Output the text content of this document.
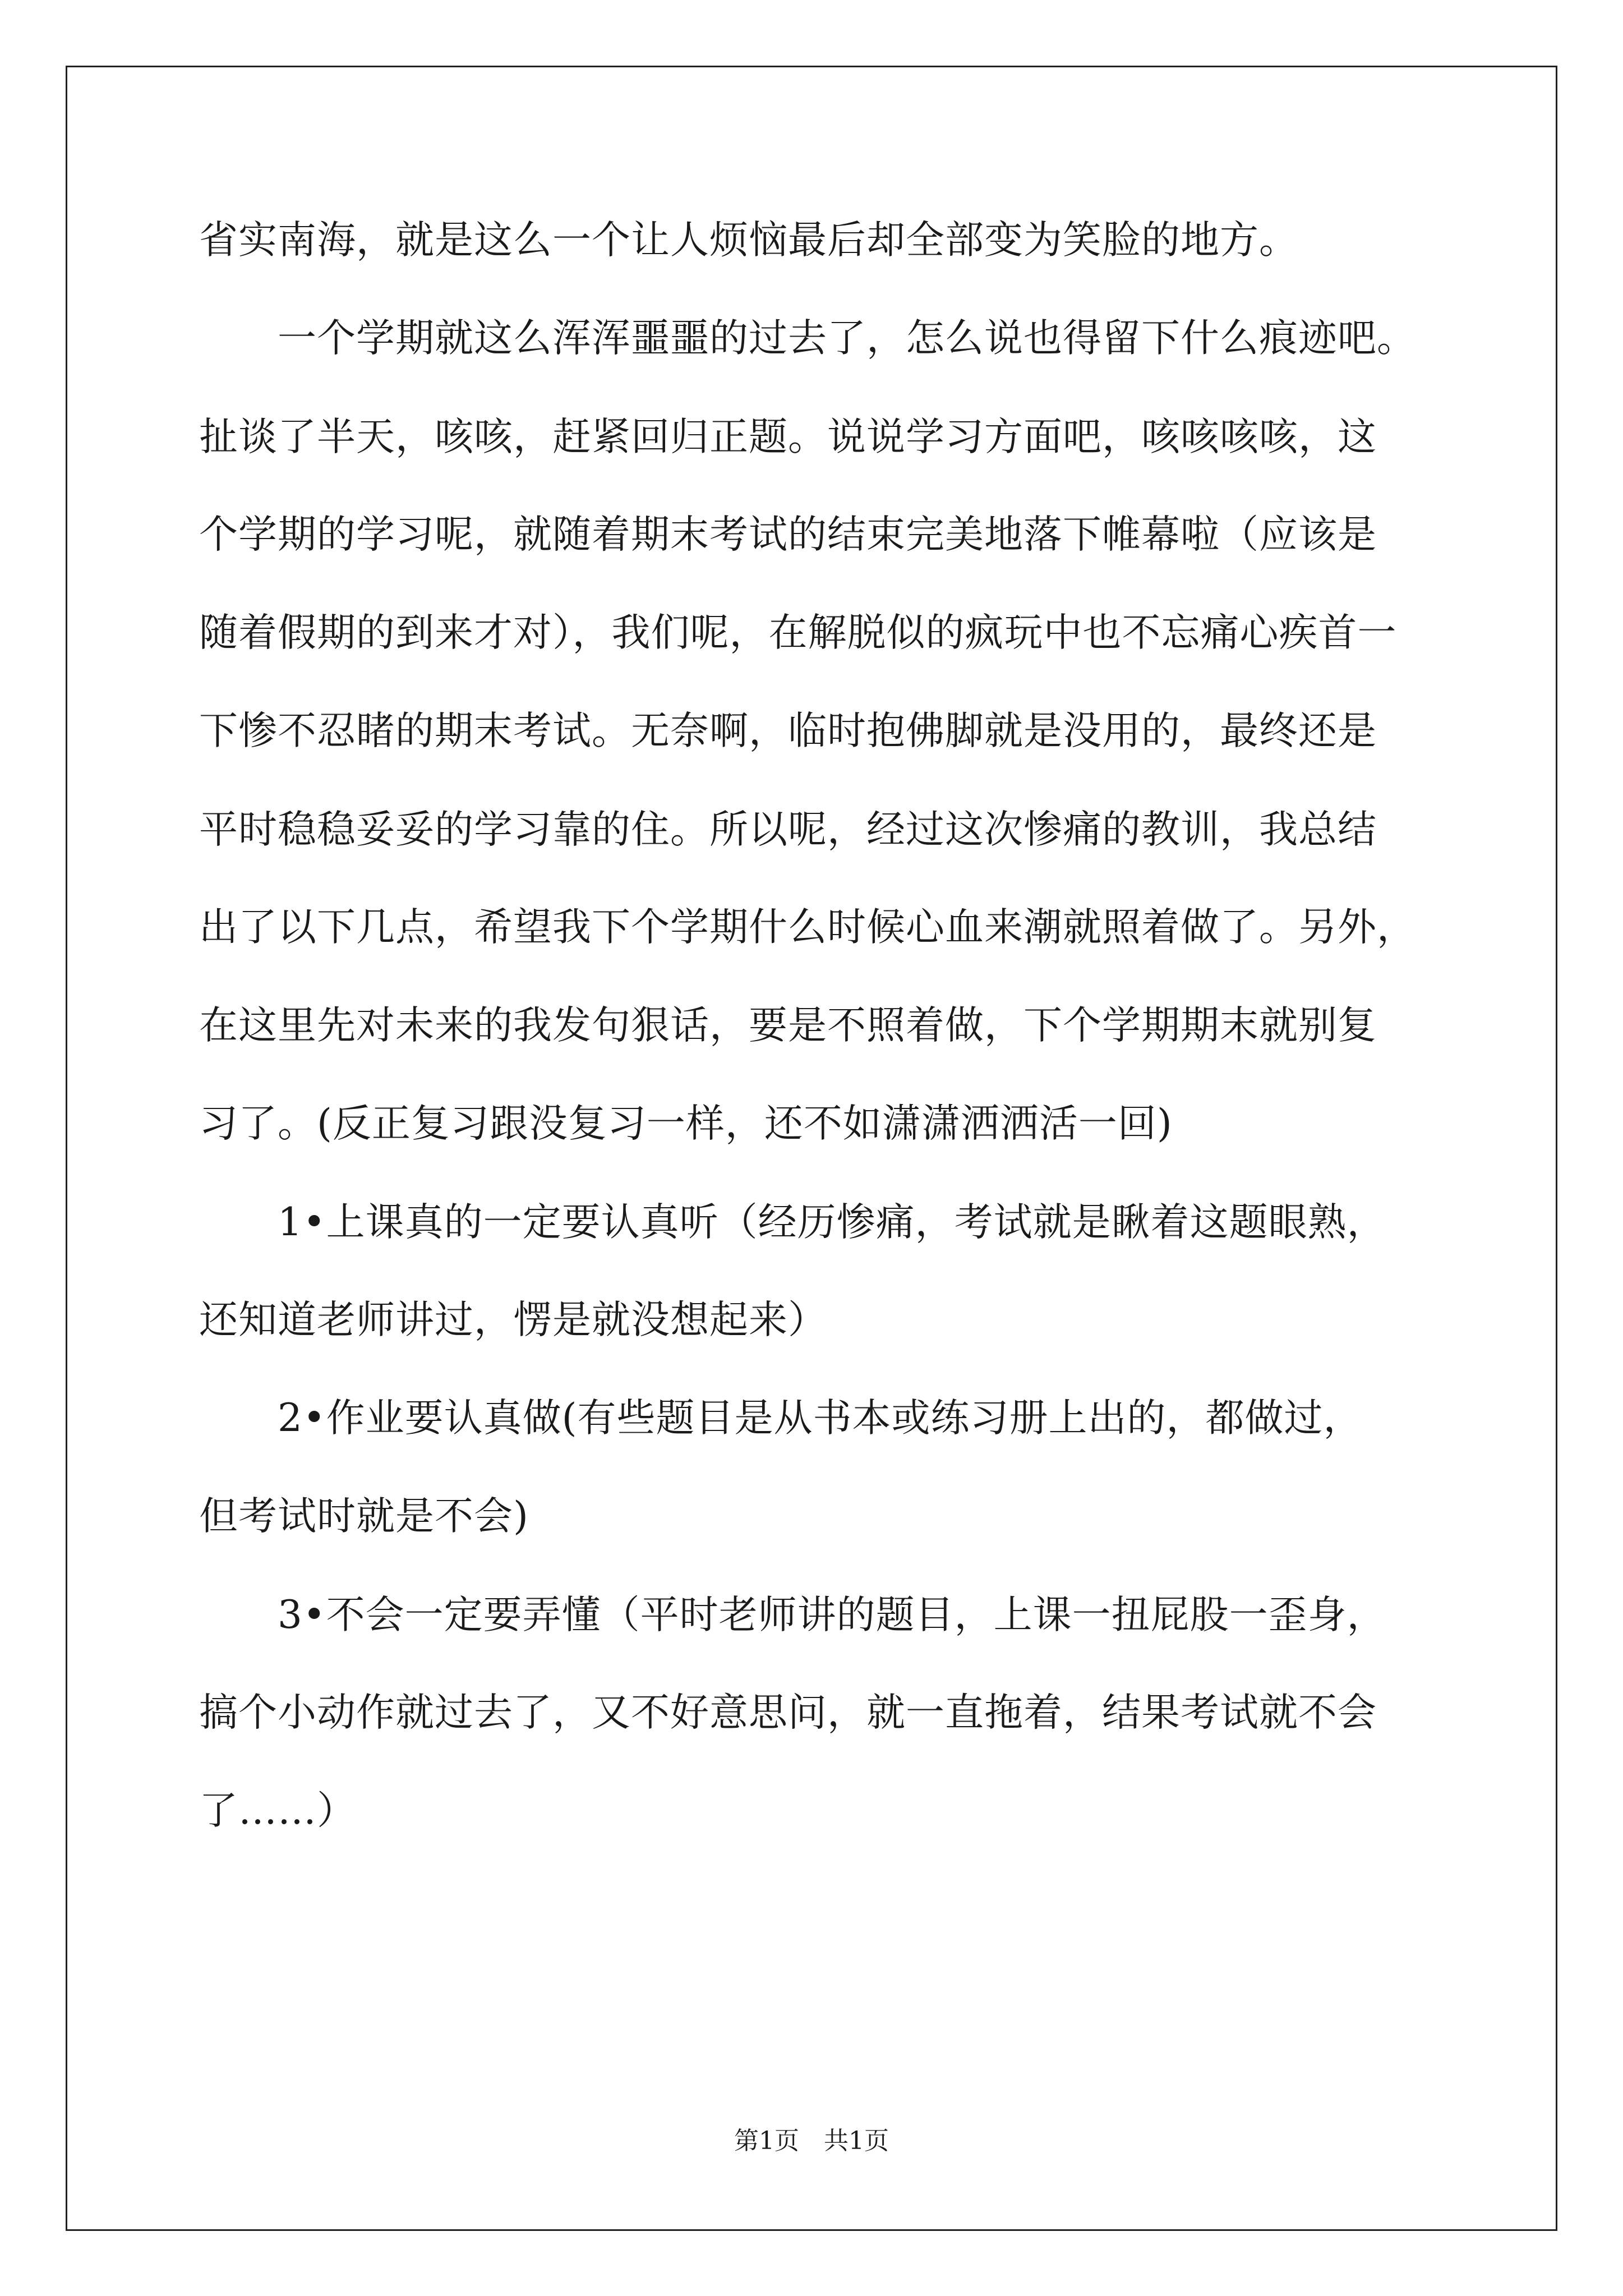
省实南海，就是这么一个让人烦恼最后却全部变为笑脸的地方。
　　一个学期就这么浑浑噩噩的过去了，怎么说也得留下什么痕迹吧。
扯谈了半天，咳咳，赶紧回归正题。说说学习方面吧，咳咳咳咳，这
个学期的学习呢，就随着期末考试的结束完美地落下帷幕啦（应该是
随着假期的到来才对），我们呢，在解脱似的疯玩中也不忘痛心疾首一
下惨不忍睹的期末考试。无奈啊，临时抱佛脚就是没用的，最终还是
平时稳稳妥妥的学习靠的住。所以呢，经过这次惨痛的教训，我总结
出了以下几点，希望我下个学期什么时候心血来潮就照着做了。另外，
在这里先对未来的我发句狠话，要是不照着做，下个学期期末就别复
习了。(反正复习跟没复习一样，还不如潇潇洒洒活一回)
　　1•上课真的一定要认真听（经历惨痛，考试就是瞅着这题眼熟，
还知道老师讲过，愣是就没想起来）
　　2•作业要认真做(有些题目是从书本或练习册上出的，都做过，
但考试时就是不会)
　　3•不会一定要弄懂（平时老师讲的题目，上课一扭屁股一歪身，
搞个小动作就过去了，又不好意思问，就一直拖着，结果考试就不会
了……）
第1页　共1页
